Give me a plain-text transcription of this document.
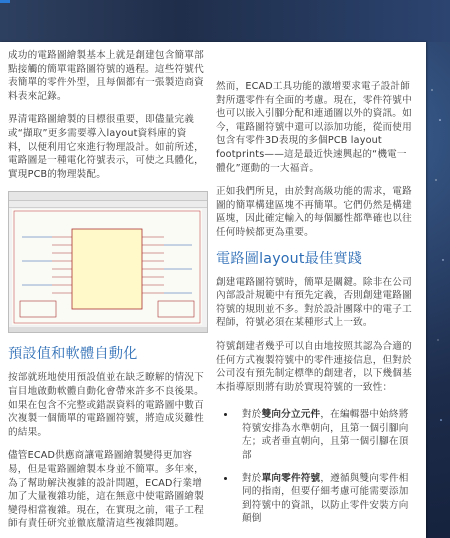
成功的電路圖繪製基本上就是創建包含簡單部點接觸的簡單電路圖符號的過程。這些符號代表簡單的零件外型，且每個都有一張製造商資料表來記錄。

界清電路圖繪製的目標很重要，即儘量完義或“擷取”更多需要導入layout資料庫的資料，以便利用它來進行物理設計。如前所述，電路圖是一種電化符號表示，可使之具體化，實現PCB的物理裝配。

預設值和軟體自動化

按部就班地使用預設值並在缺乏瞭解的情況下盲目地啟動軟體自動化會帶來許多不良後果。如果在包含不完整或錯誤資料的電路圖中數百次複製一個簡單的電路圖符號，將造成災難性的結果。

儘管ECAD供應商讓電路圖繪製變得更加容易，但是電路圖繪製本身並不簡單。多年來，為了幫助解決複雜的設計問題，ECAD行業增加了大量複雜功能，這在無意中使電路圖繪製變得相當複雜。現在，在實現之前，電子工程師有責任研究並徹底釐清這些複雜問題。

然而，ECAD工具功能的激增要求電子設計師對所選零件有全面的考慮。現在，零件符號中也可以嵌入引腳分配和連通圖以外的資訊。如今，電路圖符號中還可以添加功能，從而使用包含有零件3D表現的多個PCB layout footprints——這是最近快速興起的“機電一體化”運動的一大福音。

正如我們所見，由於對高級功能的需求，電路圖的簡單構建區塊不再簡單。它們仍然是構建區塊，因此確定輸入的每個屬性都準確也以往任何時候都更為重要。

電路圖layout最佳實踐

創建電路圖符號時，簡單是關鍵。除非在公司內部設計規範中有預先定義，否則創建電路圖符號的規則並不多。對於設計團隊中的電子工程師，符號必須在某種形式上一致。

符號創建者幾乎可以自由地按照其認為合適的任何方式複製符號中的零件連接信息，但對於公司沒有預先制定標準的創建者，以下幾個基本指導原則將有助於實現符號的一致性：

• 對於雙向分立元件，在編輯器中始終將符號安排為水準朝向，且第一個引腳向左；或者垂直朝向，且第一個引腳在頂部
• 對於單向零件符號，遵循與雙向零件相同的指南，但要仔細考慮可能需要添加到符號中的資訊，以防止零件安裝方向顛倒
